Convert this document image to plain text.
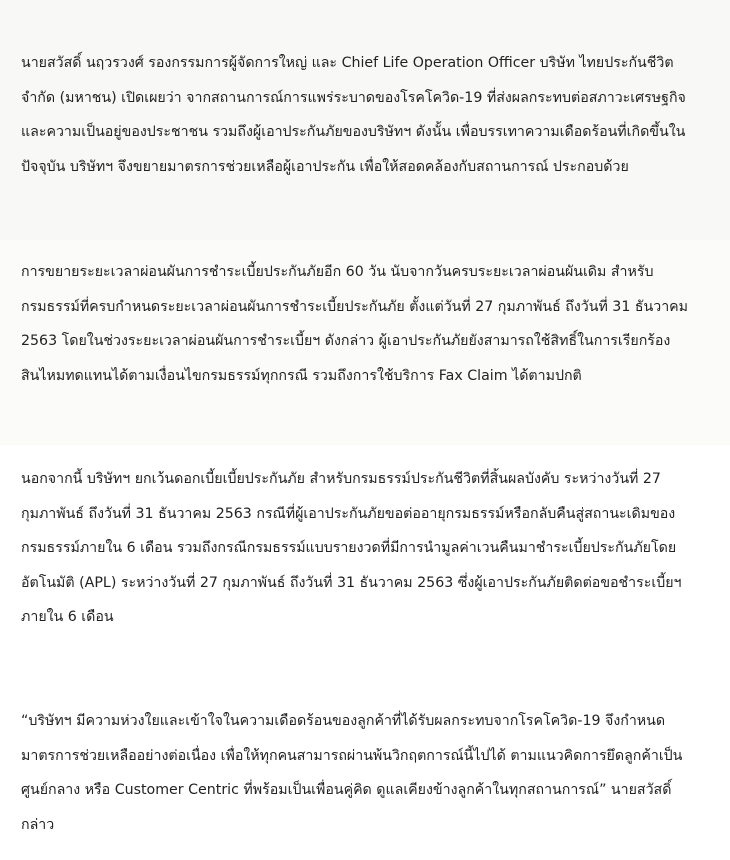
นายสวัสดิ์ นฤวรวงศ์ รองกรรมการผู้จัดการใหญ่ และ Chief Life Operation Officer บริษัท ไทยประกันชีวิต จำกัด (มหาชน) เปิดเผยว่า จากสถานการณ์การแพร่ระบาดของโรคโควิด-19 ที่ส่งผลกระทบต่อสภาวะเศรษฐกิจ และความเป็นอยู่ของประชาชน รวมถึงผู้เอาประกันภัยของบริษัทฯ ดังนั้น เพื่อบรรเทาความเดือดร้อนที่เกิดขึ้นในปัจจุบัน บริษัทฯ จึงขยายมาตรการช่วยเหลือผู้เอาประกัน เพื่อให้สอดคล้องกับสถานการณ์ ประกอบด้วย

การขยายระยะเวลาผ่อนผันการชำระเบี้ยประกันภัยอีก 60 วัน นับจากวันครบระยะเวลาผ่อนผันเดิม สำหรับกรมธรรม์ที่ครบกำหนดระยะเวลาผ่อนผันการชำระเบี้ยประกันภัย ตั้งแต่วันที่ 27 กุมภาพันธ์ ถึงวันที่ 31 ธันวาคม 2563 โดยในช่วงระยะเวลาผ่อนผันการชำระเบี้ยฯ ดังกล่าว ผู้เอาประกันภัยยังสามารถใช้สิทธิ์ในการเรียกร้องสินไหมทดแทนได้ตามเงื่อนไขกรมธรรม์ทุกกรณี รวมถึงการใช้บริการ Fax Claim ได้ตามปกติ

นอกจากนี้ บริษัทฯ ยกเว้นดอกเบี้ยเบี้ยประกันภัย สำหรับกรมธรรม์ประกันชีวิตที่สิ้นผลบังคับ ระหว่างวันที่ 27 กุมภาพันธ์ ถึงวันที่ 31 ธันวาคม 2563 กรณีที่ผู้เอาประกันภัยขอต่ออายุกรมธรรม์หรือกลับคืนสู่สถานะเดิมของกรมธรรม์ภายใน 6 เดือน รวมถึงกรณีกรมธรรม์แบบรายงวดที่มีการนำมูลค่าเวนคืนมาชำระเบี้ยประกันภัยโดยอัตโนมัติ (APL) ระหว่างวันที่ 27 กุมภาพันธ์ ถึงวันที่ 31 ธันวาคม 2563 ซึ่งผู้เอาประกันภัยติดต่อขอชำระเบี้ยฯ ภายใน 6 เดือน

“บริษัทฯ มีความห่วงใยและเข้าใจในความเดือดร้อนของลูกค้าที่ได้รับผลกระทบจากโรคโควิด-19 จึงกำหนดมาตรการช่วยเหลืออย่างต่อเนื่อง เพื่อให้ทุกคนสามารถผ่านพ้นวิกฤตการณ์นี้ไปได้ ตามแนวคิดการยึดลูกค้าเป็นศูนย์กลาง หรือ Customer Centric ที่พร้อมเป็นเพื่อนคู่คิด ดูแลเคียงข้างลูกค้าในทุกสถานการณ์” นายสวัสดิ์กล่าว
